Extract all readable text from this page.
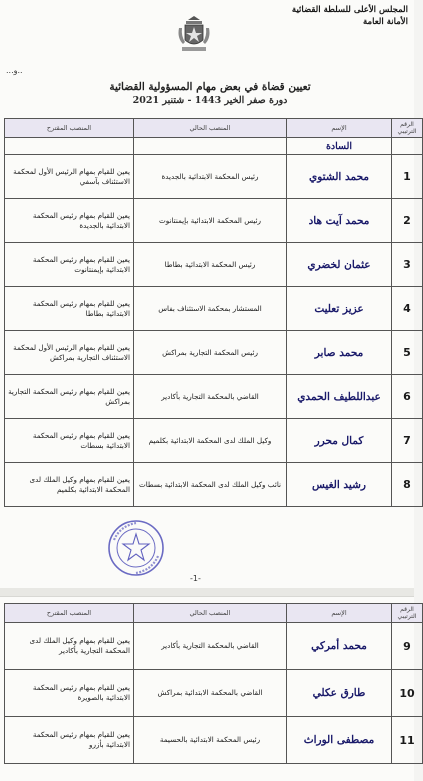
المجلس الأعلى للسلطة القضائية
الأمانة العامة
...و..
تعيين قضاة في بعض مهام المسؤولية القضائية
دورة صفر الخير 1443 - شتنبر 2021
الرقم الترتيبي	الإسم	المنصب الحالي	المنصب المقترح
	السادة		
1	محمد الشتوي	رئيس المحكمة الابتدائية بالجديدة	يعين للقيام بمهام الرئيس الأول لمحكمة الاستئناف بآسفي
2	محمد آيت هاد	رئيس المحكمة الابتدائية بإيمنتانوت	يعين للقيام بمهام رئيس المحكمة الابتدائية بالجديدة
3	عثمان لخضري	رئيس المحكمة الابتدائية بطاطا	يعين للقيام بمهام رئيس المحكمة الابتدائية بإيمنتانوت
4	عزيز تعليت	المستشار بمحكمة الاستئناف بفاس	يعين للقيام بمهام رئيس المحكمة الابتدائية بطاطا
5	محمد صابر	رئيس المحكمة التجارية بمراكش	يعين للقيام بمهام الرئيس الأول لمحكمة الاستئناف التجارية بمراكش
6	عبداللطيف الحمدي	القاضي بالمحكمة التجارية بأكادير	يعين للقيام بمهام رئيس المحكمة التجارية بمراكش
7	كمال محرر	وكيل الملك لدى المحكمة الابتدائية بكلميم	يعين للقيام بمهام رئيس المحكمة الابتدائية بسطات
8	رشيد الغيس	نائب وكيل الملك لدى المحكمة الابتدائية بسطات	يعين للقيام بمهام وكيل الملك لدى المحكمة الابتدائية بكلميم
-1-
الرقم الترتيبي	الإسم	المنصب الحالي	المنصب المقترح
9	محمد أمركي	القاضي بالمحكمة التجارية بأكادير	يعين للقيام بمهام وكيل الملك لدى المحكمة التجارية بأكادير
10	طارق عكلي	القاضي بالمحكمة الابتدائية بمراكش	يعين للقيام بمهام رئيس المحكمة الابتدائية بالصويرة
11	مصطفى الوراث	رئيس المحكمة الابتدائية بالحسيمة	يعين للقيام بمهام رئيس المحكمة الابتدائية بأزرو
